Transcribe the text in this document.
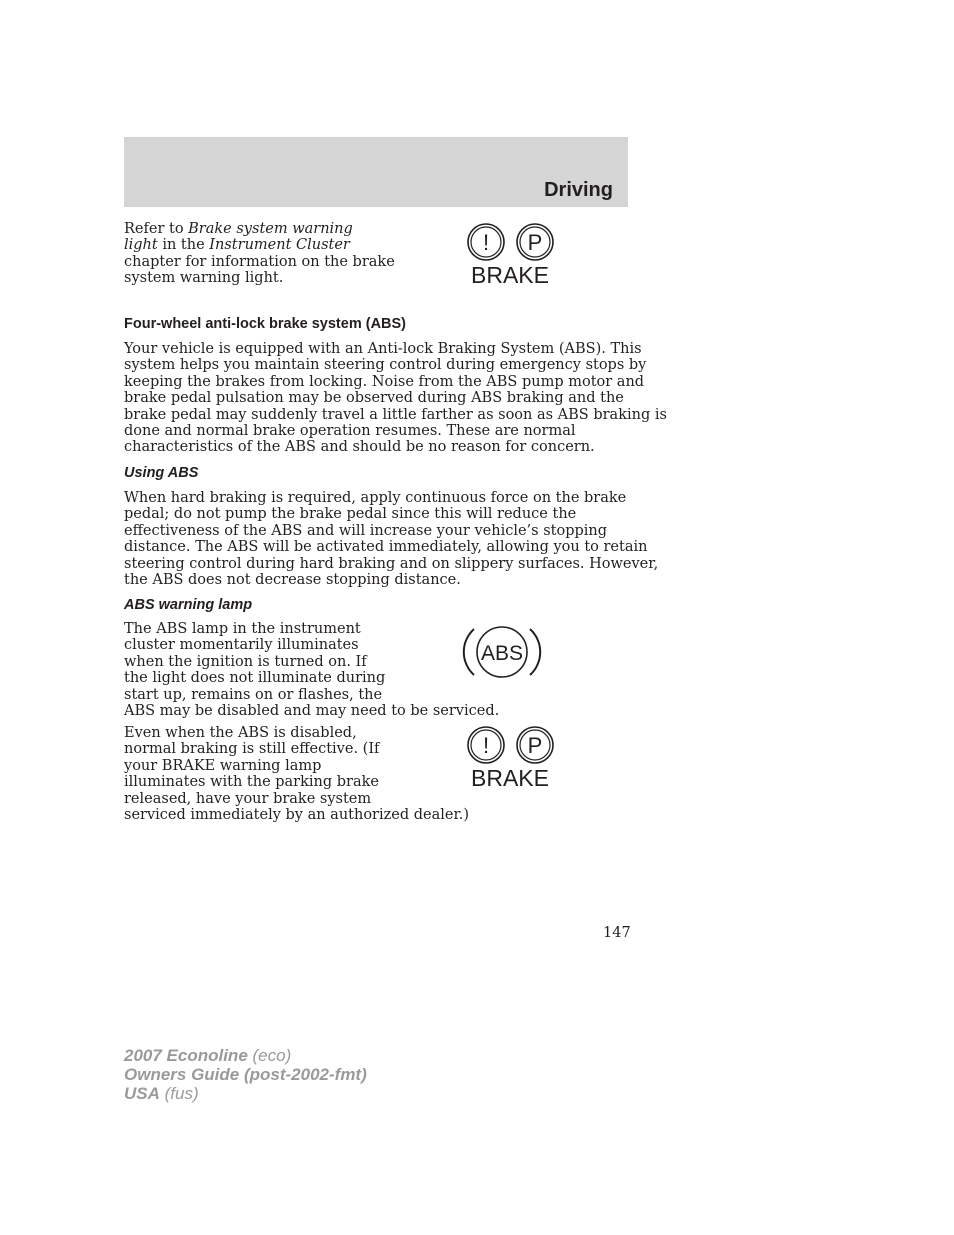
Driving
Refer to Brake system warning
light in the Instrument Cluster
chapter for information on the brake
system warning light.
! P
BRAKE
Four-wheel anti-lock brake system (ABS)
Your vehicle is equipped with an Anti-lock Braking System (ABS). This
system helps you maintain steering control during emergency stops by
keeping the brakes from locking. Noise from the ABS pump motor and
brake pedal pulsation may be observed during ABS braking and the
brake pedal may suddenly travel a little farther as soon as ABS braking is
done and normal brake operation resumes. These are normal
characteristics of the ABS and should be no reason for concern.
Using ABS
When hard braking is required, apply continuous force on the brake
pedal; do not pump the brake pedal since this will reduce the
effectiveness of the ABS and will increase your vehicle’s stopping
distance. The ABS will be activated immediately, allowing you to retain
steering control during hard braking and on slippery surfaces. However,
the ABS does not decrease stopping distance.
ABS warning lamp
The ABS lamp in the instrument
cluster momentarily illuminates
when the ignition is turned on. If
the light does not illuminate during
start up, remains on or flashes, the
ABS may be disabled and may need to be serviced.
ABS
Even when the ABS is disabled,
normal braking is still effective. (If
your BRAKE warning lamp
illuminates with the parking brake
released, have your brake system
serviced immediately by an authorized dealer.)
! P
BRAKE
147
2007 Econoline (eco)
Owners Guide (post-2002-fmt)
USA (fus)
